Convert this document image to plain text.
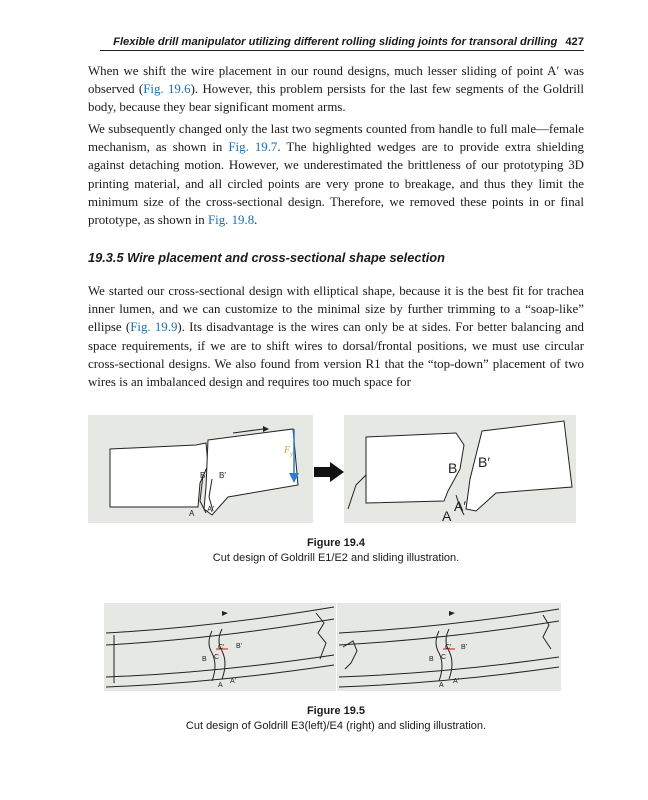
Flexible drill manipulator utilizing different rolling sliding joints for transoral drilling 427
When we shift the wire placement in our round designs, much lesser sliding of point A′ was observed (Fig. 19.6). However, this problem persists for the last few segments of the Goldrill body, because they bear significant moment arms.
We subsequently changed only the last two segments counted from handle to full male—female mechanism, as shown in Fig. 19.7. The highlighted wedges are to provide extra shielding against detaching motion. However, we underestimated the brittleness of our prototyping 3D printing material, and all circled points are very prone to breakage, and thus they limit the minimum size of the cross-sectional design. Therefore, we removed these points in or final prototype, as shown in Fig. 19.8.
19.3.5 Wire placement and cross-sectional shape selection
We started our cross-sectional design with elliptical shape, because it is the best fit for trachea inner lumen, and we can customize to the minimal size by further trimming to a “soap-like” ellipse (Fig. 19.9). Its disadvantage is the wires can only be at sides. For better balancing and space requirements, if we are to shift wires to dorsal/frontal positions, we must use circular cross-sectional designs. We also found from version R1 that the “top-down” placement of two wires is an imbalanced design and requires too much space for
F y
B B′
A A′
B B′
A
A′
Figure 19.4
Cut design of Goldrill E1/E2 and sliding illustration.
B C
C′ B′
A
A′
B C
C′ B′
A
A′
Figure 19.5
Cut design of Goldrill E3(left)/E4 (right) and sliding illustration.
